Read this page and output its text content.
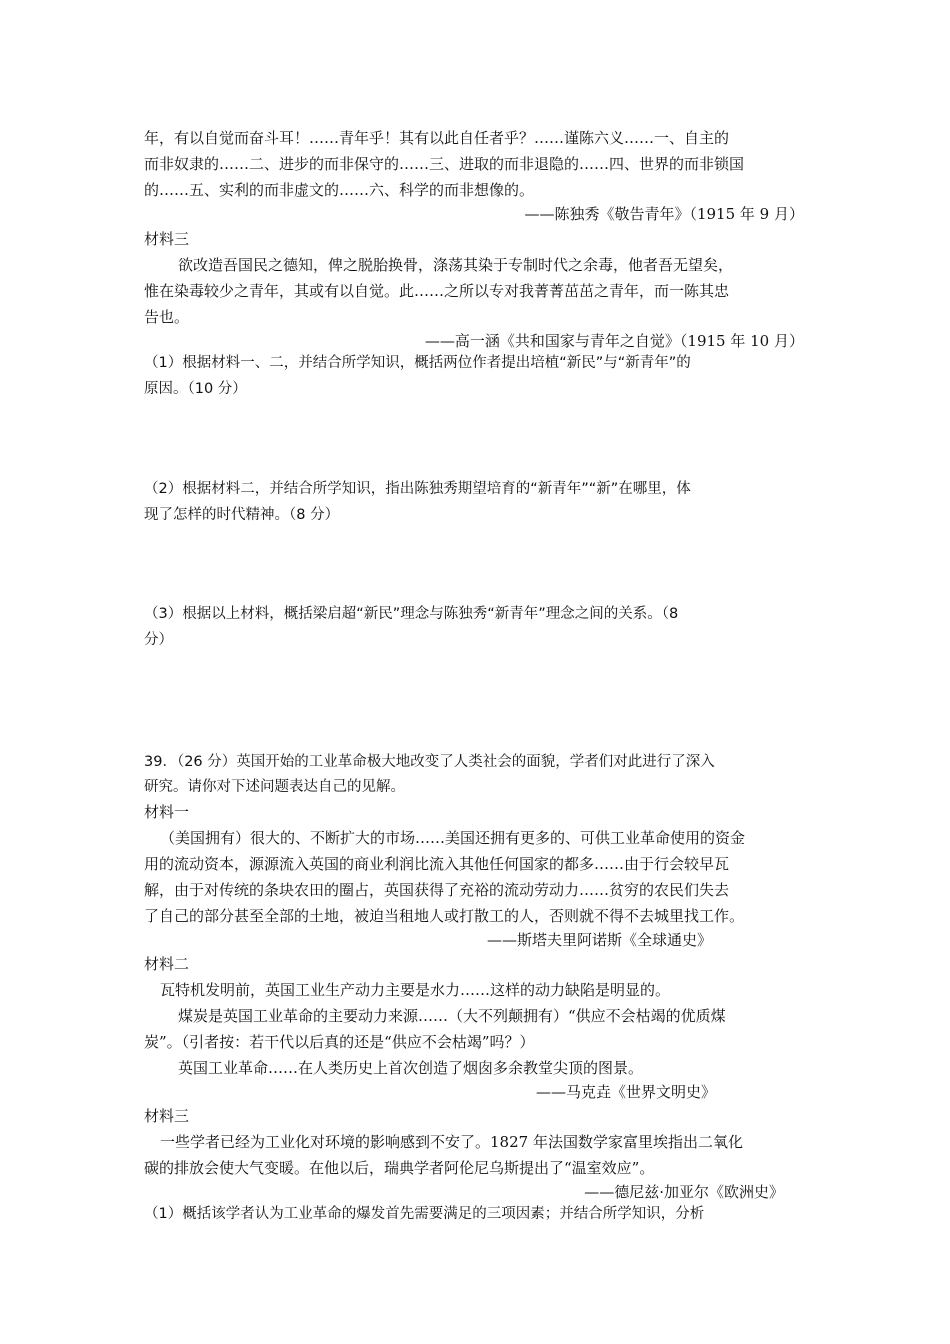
年，有以自觉而奋斗耳！……青年乎！其有以此自任者乎？……谨陈六义……一、自主的
而非奴隶的……二、进步的而非保守的……三、进取的而非退隐的……四、世界的而非锁国
的……五、实利的而非虚文的……六、科学的而非想像的。
——陈独秀《敬告青年》（1915 年 9 月）
材料三
欲改造吾国民之德知，俾之脱胎换骨，涤荡其染于专制时代之余毒，他者吾无望矣，
惟在染毒较少之青年，其或有以自觉。此……之所以专对我菁菁茁茁之青年，而一陈其忠
告也。
——高一涵《共和国家与青年之自觉》（1915 年 10 月）
（1）根据材料一、二，并结合所学知识，概括两位作者提出培植“新民”与“新青年”的
原因。（10 分）
（2）根据材料二，并结合所学知识，指出陈独秀期望培育的“新青年”“新”在哪里，体
现了怎样的时代精神。（8 分）
（3）根据以上材料，概括梁启超“新民”理念与陈独秀“新青年”理念之间的关系。（8
分）
39．（26 分）英国开始的工业革命极大地改变了人类社会的面貌，学者们对此进行了深入
研究。请你对下述问题表达自己的见解。
材料一
（美国拥有）很大的、不断扩大的市场……美国还拥有更多的、可供工业革命使用的资金
用的流动资本，源源流入英国的商业利润比流入其他任何国家的都多……由于行会较早瓦
解，由于对传统的条块农田的圈占，英国获得了充裕的流动劳动力……贫穷的农民们失去
了自己的部分甚至全部的土地，被迫当租地人或打散工的人，否则就不得不去城里找工作。
——斯塔夫里阿诺斯《全球通史》
材料二
瓦特机发明前，英国工业生产动力主要是水力……这样的动力缺陷是明显的。
煤炭是英国工业革命的主要动力来源……（大不列颠拥有）“供应不会枯竭的优质煤
炭”。（引者按：若干代以后真的还是“供应不会枯竭”吗？）
英国工业革命……在人类历史上首次创造了烟囱多余教堂尖顶的图景。
——马克垚《世界文明史》
材料三
一些学者已经为工业化对环境的影响感到不安了。1827 年法国数学家富里埃指出二氧化
碳的排放会使大气变暖。在他以后，瑞典学者阿伦尼乌斯提出了“温室效应”。
——德尼兹·加亚尔《欧洲史》
（1）概括该学者认为工业革命的爆发首先需要满足的三项因素；并结合所学知识，分析
